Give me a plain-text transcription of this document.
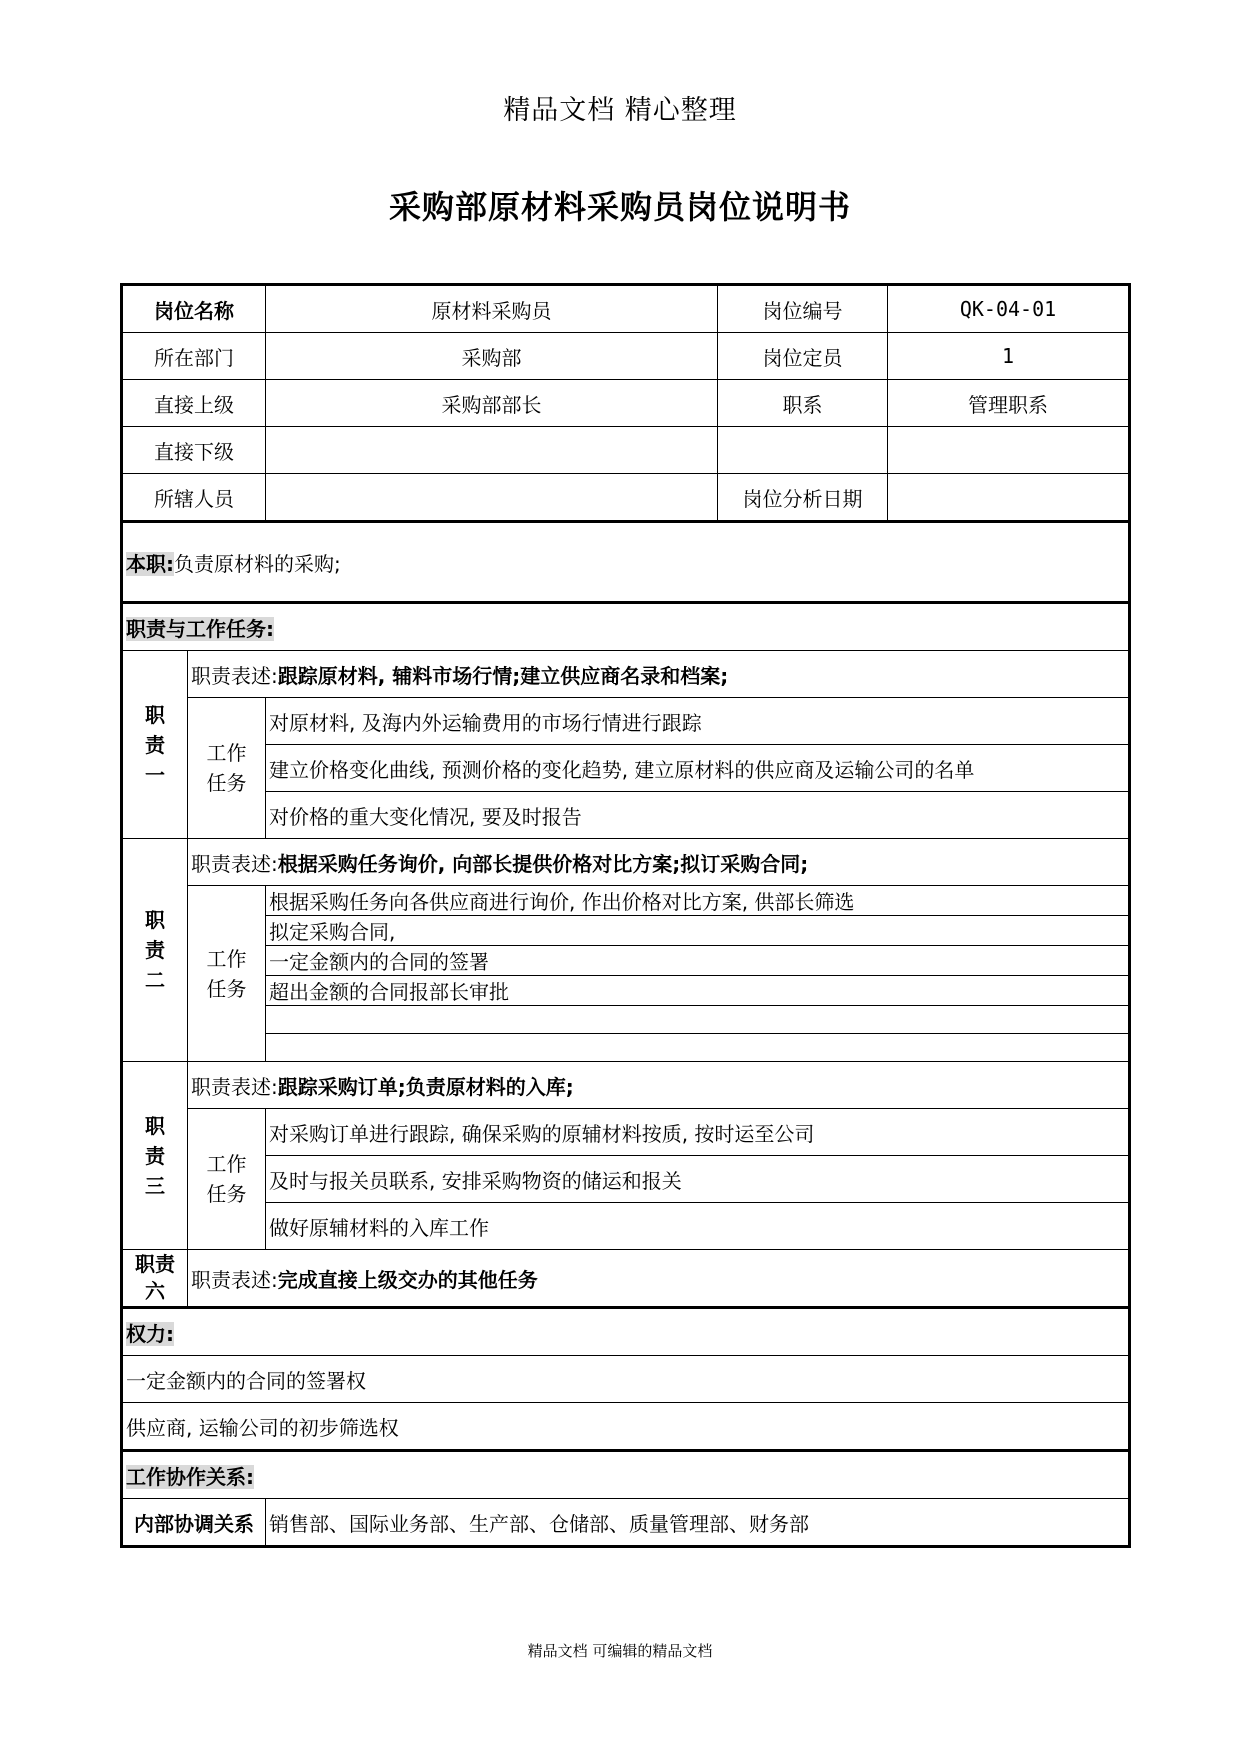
精品文档 精心整理
采购部原材料采购员岗位说明书
岗位名称		原材料采购员	岗位编号	QK-04-01
所在部门		采购部	岗位定员	1
直接上级		采购部部长	职系	管理职系
直接下级				
所辖人员			岗位分析日期	
本职:负责原材料的采购;				
职责与工作任务:				

职责一	职责表述:跟踪原材料, 辅料市场行情;建立供应商名录和档案;			

	工作任务	对原材料, 及海内外运输费用的市场行情进行跟踪		
		建立价格变化曲线, 预测价格的变化趋势, 建立原材料的供应商及运输公司的名单		
		对价格的重大变化情况, 要及时报告		

职责二	职责表述:根据采购任务询价, 向部长提供价格对比方案;拟订采购合同;			

	工作任务	根据采购任务向各供应商进行询价, 作出价格对比方案, 供部长筛选		
		拟定采购合同,		
		一定金额内的合同的签署		
		超出金额的合同报部长审批		

职责三	职责表述:跟踪采购订单;负责原材料的入库;			

	工作任务	对采购订单进行跟踪, 确保采购的原辅材料按质, 按时运至公司		
		及时与报关员联系, 安排采购物资的储运和报关		
		做好原辅材料的入库工作		

职责六	职责表述:完成直接上级交办的其他任务			
权力:				
一定金额内的合同的签署权				
供应商, 运输公司的初步筛选权				
工作协作关系:				
内部协调关系		销售部、国际业务部、生产部、仓储部、质量管理部、财务部		
精品文档 可编辑的精品文档
